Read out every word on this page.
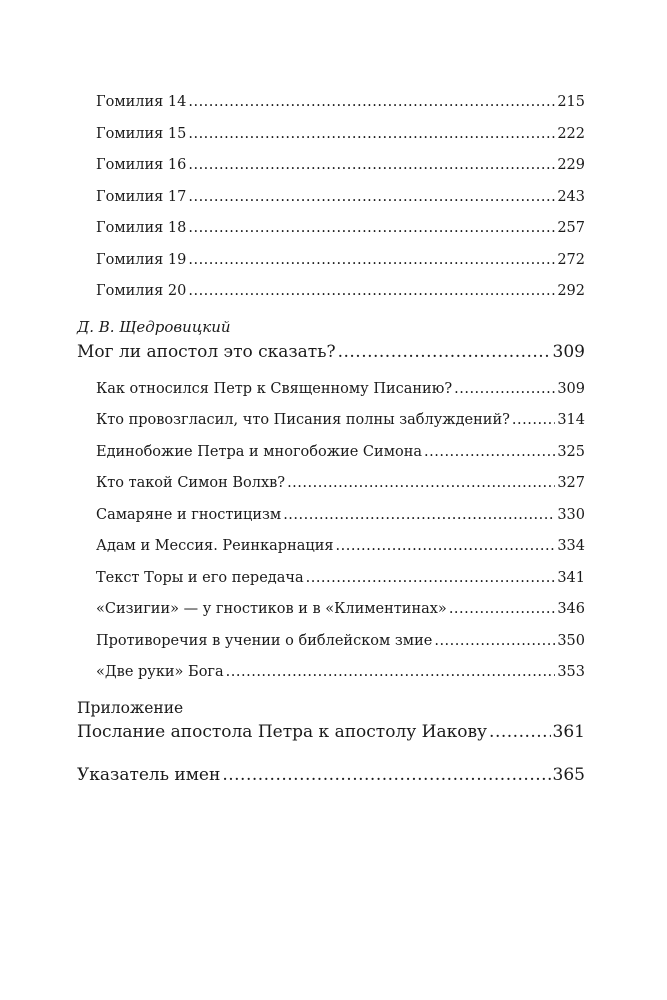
Гомилия 14 .....	215
Гомилия 15 .....	222
Гомилия 16 .....	229
Гомилия 17 .....	243
Гомилия 18 .....	257
Гомилия 19 .....	272
Гомилия 20 .....	292
Д. В. Щедровицкий
Мог ли апостол это сказать? .....	309
Как относился Петр к Священному Писанию? .....	309
Кто провозгласил, что Писания полны заблуждений? .....	314
Единобожие Петра и многобожие Симона .....	325
Кто такой Симон Волхв? .....	327
Самаряне и гностицизм .....	330
Адам и Мессия. Реинкарнация .....	334
Текст Торы и его передача .....	341
«Сизигии» — у гностиков и в «Климентинах» .....	346
Противоречия в учении о библейском змие .....	350
«Две руки» Бога .....	353
Приложение
Послание апостола Петра к апостолу Иакову .....	361
Указатель имен .....	365
